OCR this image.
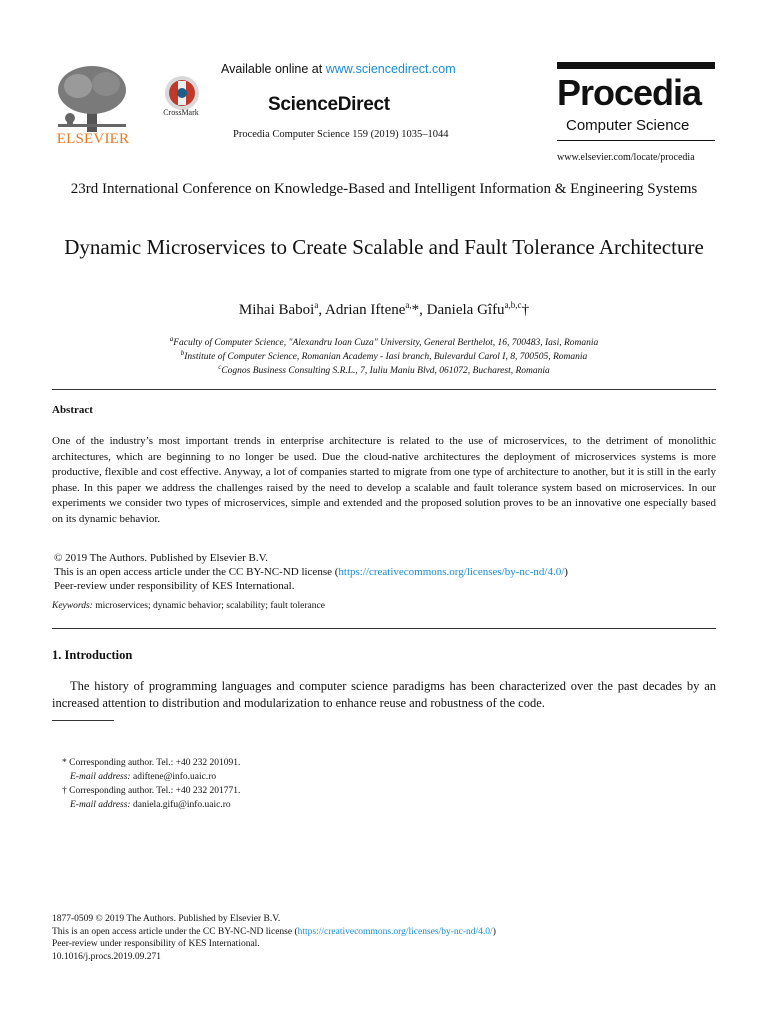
ELSEVIER
CrossMark
Available online at www.sciencedirect.com
ScienceDirect
Procedia Computer Science 159 (2019) 1035–1044
Procedia
Computer Science
www.elsevier.com/locate/procedia
23rd International Conference on Knowledge-Based and Intelligent Information & Engineering Systems
Dynamic Microservices to Create Scalable and Fault Tolerance Architecture
Mihai Baboi$^a$, Adrian Iftene$^{a,}$*, Daniela Gîfu$^{a,b,c}$†
$^a$Faculty of Computer Science, "Alexandru Ioan Cuza" University, General Berthelot, 16, 700483, Iasi, Romania
$^b$Institute of Computer Science, Romanian Academy - Iasi branch, Bulevardul Carol I, 8, 700505, Romania
$^c$Cognos Business Consulting S.R.L., 7, Iuliu Maniu Blvd, 061072, Bucharest, Romania
Abstract
One of the industry’s most important trends in enterprise architecture is related to the use of microservices, to the detriment of monolithic architectures, which are beginning to no longer be used. Due the cloud-native architectures the deployment of microservices systems is more productive, flexible and cost effective. Anyway, a lot of companies started to migrate from one type of architecture to another, but it is still in the early phase. In this paper we address the challenges raised by the need to develop a scalable and fault tolerance system based on microservices. In our experiments we consider two types of microservices, simple and extended and the proposed solution proves to be an innovative one especially based on its dynamic behavior.
© 2019 The Authors. Published by Elsevier B.V.
This is an open access article under the CC BY-NC-ND license (https://creativecommons.org/licenses/by-nc-nd/4.0/)
Peer-review under responsibility of KES International.
Keywords: microservices; dynamic behavior; scalability; fault tolerance
1. Introduction
The history of programming languages and computer science paradigms has been characterized over the past decades by an increased attention to distribution and modularization to enhance reuse and robustness of the code.
* Corresponding author. Tel.: +40 232 201091.
E-mail address: adiftene@info.uaic.ro
† Corresponding author. Tel.: +40 232 201771.
E-mail address: daniela.gifu@info.uaic.ro
1877-0509 © 2019 The Authors. Published by Elsevier B.V.
This is an open access article under the CC BY-NC-ND license (https://creativecommons.org/licenses/by-nc-nd/4.0/)
Peer-review under responsibility of KES International.
10.1016/j.procs.2019.09.271
